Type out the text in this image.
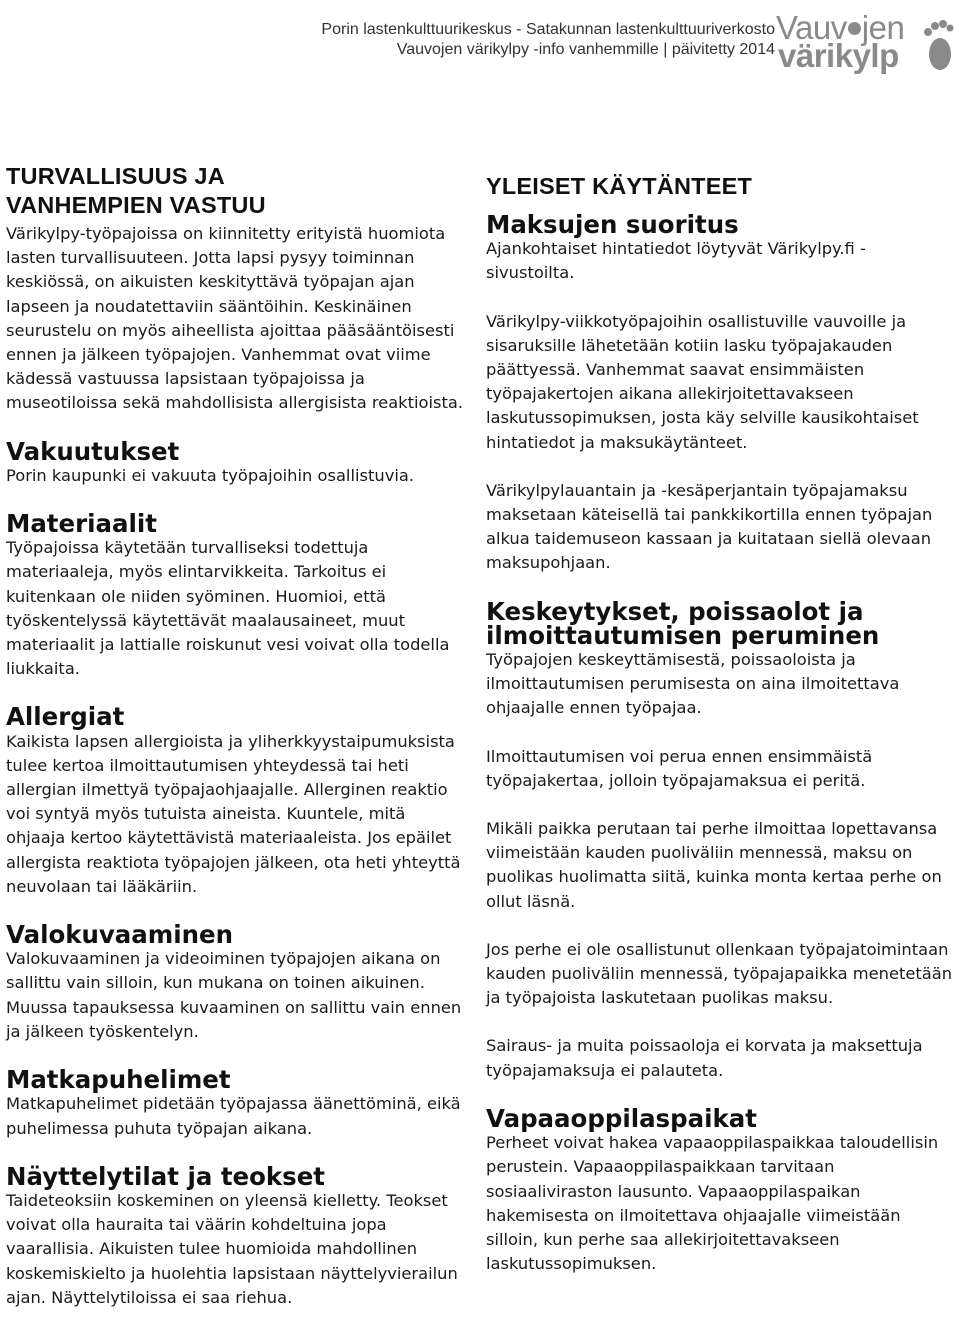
Porin lastenkulttuurikeskus - Satakunnan lastenkulttuuriverkosto
Vauvojen värikylpy -info vanhemmille | päivitetty 2014
Vauv jen
värikylp
TURVALLISUUS JA
VANHEMPIEN VASTUU

Värikylpy-työpajoissa on kiinnitetty erityistä huomiota lasten turvallisuuteen. Jotta lapsi pysyy toiminnan keskiössä, on aikuisten keskityttävä työpajan ajan lapseen ja noudatettaviin sääntöihin. Keskinäinen seurustelu on myös aiheellista ajoittaa pääsääntöisesti ennen ja jälkeen työpajojen. Vanhemmat ovat viime kädessä vastuussa lapsistaan työpajoissa ja museotiloissa sekä mahdollisista allergisista reaktioista.

Vakuutukset

Porin kaupunki ei vakuuta työpajoihin osallistuvia.

Materiaalit

Työpajoissa käytetään turvalliseksi todettuja materiaaleja, myös elintarvikkeita. Tarkoitus ei kuitenkaan ole niiden syöminen. Huomioi, että työskentelyssä käytettävät maalausaineet, muut materiaalit ja lattialle roiskunut vesi voivat olla todella liukkaita.

Allergiat

Kaikista lapsen allergioista ja yliherkkyystaipumuksista tulee kertoa ilmoittautumisen yhteydessä tai heti allergian ilmettyä työpajaohjaajalle. Allerginen reaktio voi syntyä myös tutuista aineista. Kuuntele, mitä ohjaaja kertoo käytettävistä materiaaleista. Jos epäilet allergista reaktiota työpajojen jälkeen, ota heti yhteyttä neuvolaan tai lääkäriin.

Valokuvaaminen

Valokuvaaminen ja videoiminen työpajojen aikana on sallittu vain silloin, kun mukana on toinen aikuinen. Muussa tapauksessa kuvaaminen on sallittu vain ennen ja jälkeen työskentelyn.

Matkapuhelimet

Matkapuhelimet pidetään työpajassa äänettöminä, eikä puhelimessa puhuta työpajan aikana.

Näyttelytilat ja teokset

Taideteoksiin koskeminen on yleensä kielletty. Teokset voivat olla hauraita tai väärin kohdeltuina jopa vaarallisia. Aikuisten tulee huomioida mahdollinen koskemiskielto ja huolehtia lapsistaan näyttelyvierailun ajan. Näyttelytiloissa ei saa riehua.

YLEISET KÄYTÄNTEET
Maksujen suoritus

Ajankohtaiset hintatiedot löytyvät Värikylpy.fi -sivustoilta.

Värikylpy-viikkotyöpajoihin osallistuville vauvoille ja sisaruksille lähetetään kotiin lasku työpajakauden päättyessä. Vanhemmat saavat ensimmäisten työpajakertojen aikana allekirjoitettavakseen laskutussopimuksen, josta käy selville kausikohtaiset hintatiedot ja maksukäytänteet.

Värikylpylauantain ja -kesäperjantain työpajamaksu maksetaan käteisellä tai pankkikortilla ennen työpajan alkua taidemuseon kassaan ja kuitataan siellä olevaan maksupohjaan.

Keskeytykset, poissaolot ja ilmoittautumisen peruminen

Työpajojen keskeyttämisestä, poissaoloista ja ilmoittautumisen perumisesta on aina ilmoitettava ohjaajalle ennen työpajaa.

Ilmoittautumisen voi perua ennen ensimmäistä työpajakertaa, jolloin työpajamaksua ei peritä.

Mikäli paikka perutaan tai perhe ilmoittaa lopettavansa viimeistään kauden puoliväliin mennessä, maksu on puolikas huolimatta siitä, kuinka monta kertaa perhe on ollut läsnä.

Jos perhe ei ole osallistunut ollenkaan työpajatoimintaan kauden puoliväliin mennessä, työpajapaikka menetetään ja työpajoista laskutetaan puolikas maksu.

Sairaus- ja muita poissaoloja ei korvata ja maksettuja työpajamaksuja ei palauteta.

Vapaaoppilaspaikat

Perheet voivat hakea vapaaoppilaspaikkaa taloudellisin perustein. Vapaaoppilaspaikkaan tarvitaan sosiaaliviraston lausunto. Vapaaoppilaspaikan hakemisesta on ilmoitettava ohjaajalle viimeistään silloin, kun perhe saa allekirjoitettavakseen laskutussopimuksen.
